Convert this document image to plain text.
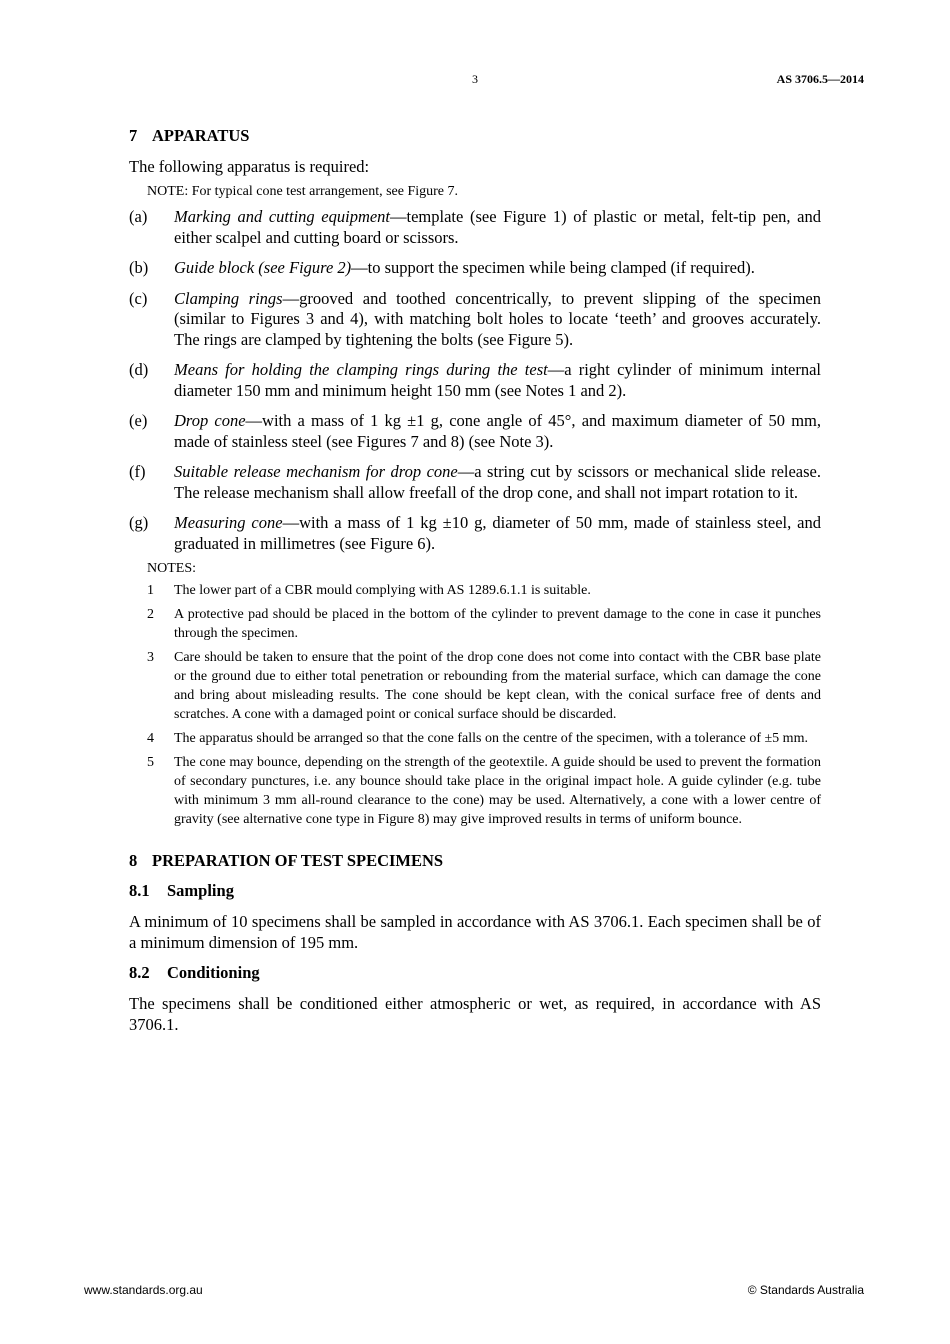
3	AS 3706.5—2014
7 APPARATUS

The following apparatus is required:

NOTE: For typical cone test arrangement, see Figure 7.
(a)	Marking and cutting equipment—template (see Figure 1) of plastic or metal, felt-tip pen, and either scalpel and cutting board or scissors.
(b)	Guide block (see Figure 2)—to support the specimen while being clamped (if required).
(c)	Clamping rings—grooved and toothed concentrically, to prevent slipping of the specimen (similar to Figures 3 and 4), with matching bolt holes to locate ‘teeth’ and grooves accurately. The rings are clamped by tightening the bolts (see Figure 5).
(d)	Means for holding the clamping rings during the test—a right cylinder of minimum internal diameter 150 mm and minimum height 150 mm (see Notes 1 and 2).
(e)	Drop cone—with a mass of 1 kg ±1 g, cone angle of 45°, and maximum diameter of 50 mm, made of stainless steel (see Figures 7 and 8) (see Note 3).
(f)	Suitable release mechanism for drop cone—a string cut by scissors or mechanical slide release. The release mechanism shall allow freefall of the drop cone, and shall not impart rotation to it.
(g)	Measuring cone—with a mass of 1 kg ±10 g, diameter of 50 mm, made of stainless steel, and graduated in millimetres (see Figure 6).
NOTES:
1	The lower part of a CBR mould complying with AS 1289.6.1.1 is suitable.
2	A protective pad should be placed in the bottom of the cylinder to prevent damage to the cone in case it punches through the specimen.
3	Care should be taken to ensure that the point of the drop cone does not come into contact with the CBR base plate or the ground due to either total penetration or rebounding from the material surface, which can damage the cone and bring about misleading results. The cone should be kept clean, with the conical surface free of dents and scratches. A cone with a damaged point or conical surface should be discarded.
4	The apparatus should be arranged so that the cone falls on the centre of the specimen, with a tolerance of ±5 mm.
5	The cone may bounce, depending on the strength of the geotextile. A guide should be used to prevent the formation of secondary punctures, i.e. any bounce should take place in the original impact hole. A guide cylinder (e.g. tube with minimum 3 mm all-round clearance to the cone) may be used. Alternatively, a cone with a lower centre of gravity (see alternative cone type in Figure 8) may give improved results in terms of uniform bounce.
8 PREPARATION OF TEST SPECIMENS
8.1 Sampling

A minimum of 10 specimens shall be sampled in accordance with AS 3706.1. Each specimen shall be of a minimum dimension of 195 mm.

8.2 Conditioning

The specimens shall be conditioned either atmospheric or wet, as required, in accordance with AS 3706.1.

www.standards.org.au	© Standards Australia
